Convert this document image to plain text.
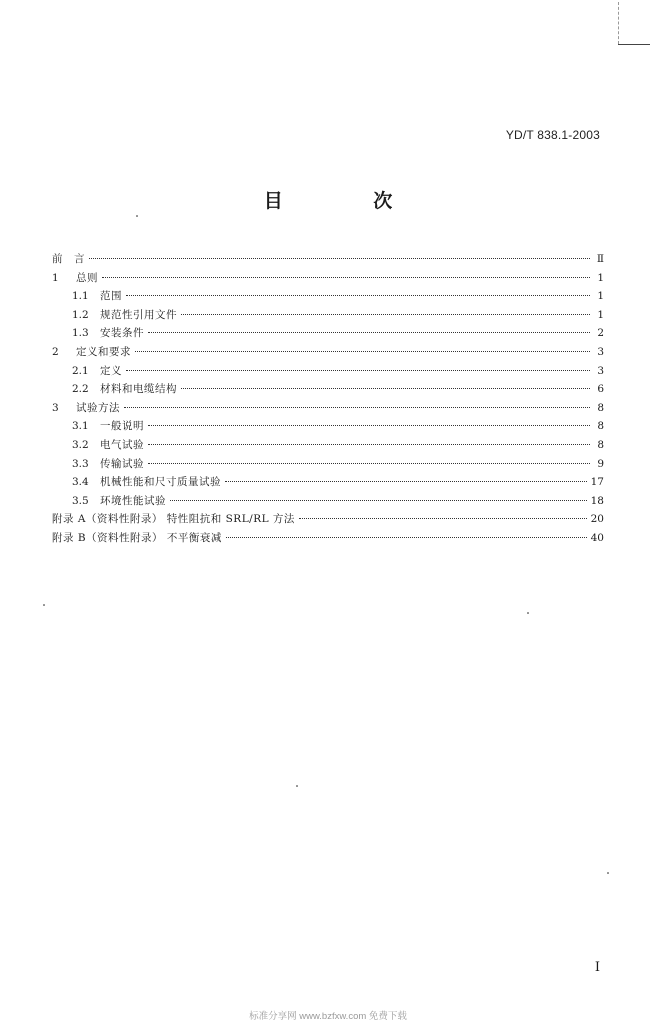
YD/T 838.1-2003
目 次
前　言	Ⅱ
1	总则	1
1.1	范围	1
1.2	规范性引用文件	1
1.3	安装条件	2
2	定义和要求	3
2.1	定义	3
2.2	材料和电缆结构	6
3	试验方法	8
3.1	一般说明	8
3.2	电气试验	8
3.3	传输试验	9
3.4	机械性能和尺寸质量试验	17
3.5	环境性能试验	18
附录 A（资料性附录） 特性阻抗和 SRL/RL 方法	20
附录 B（资料性附录） 不平衡衰减	40
I
标准分享网 www.bzfxw.com 免费下载
